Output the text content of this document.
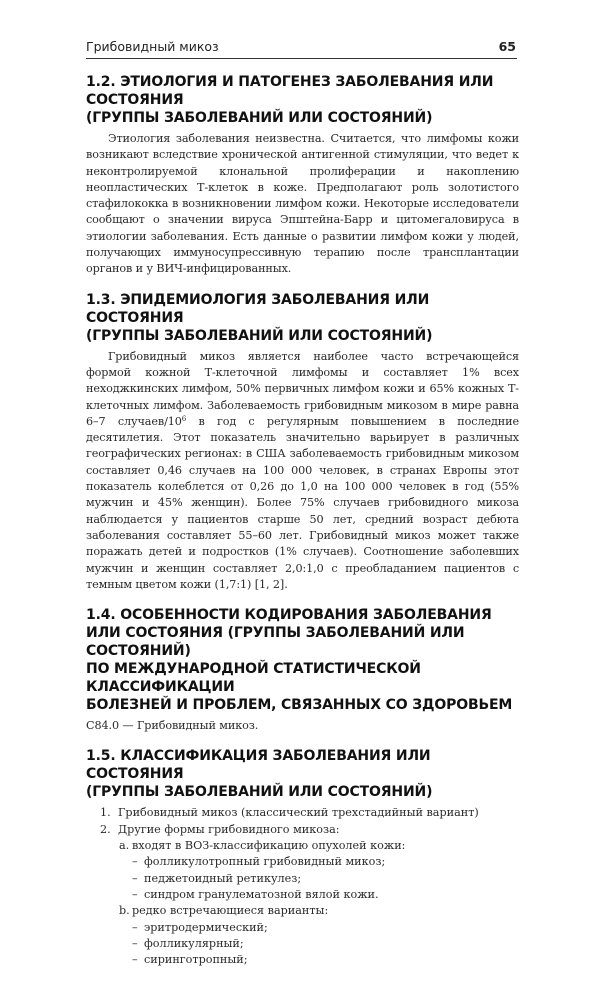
Грибовидный микоз	65
1.2. ЭТИОЛОГИЯ И ПАТОГЕНЕЗ ЗАБОЛЕВАНИЯ ИЛИ СОСТОЯНИЯ
(ГРУППЫ ЗАБОЛЕВАНИЙ ИЛИ СОСТОЯНИЙ)

Этиология заболевания неизвестна. Считается, что лимфомы кожи возникают вследствие хронической антигенной стимуляции, что ведет к неконтролируемой клональной пролиферации и накоплению неопластических Т-клеток в коже. Предполагают роль золотистого стафилококка в возникновении лимфом кожи. Некоторые исследователи сообщают о значении вируса Эпштейна-Барр и цитомегаловируса в этиологии заболевания. Есть данные о развитии лимфом кожи у людей, получающих иммуносупрессивную терапию после трансплантации органов и у ВИЧ-инфицированных.

1.3. ЭПИДЕМИОЛОГИЯ ЗАБОЛЕВАНИЯ ИЛИ СОСТОЯНИЯ
(ГРУППЫ ЗАБОЛЕВАНИЙ ИЛИ СОСТОЯНИЙ)

Грибовидный микоз является наиболее часто встречающейся формой кожной Т-клеточной лимфомы и составляет 1% всех неходжкинских лимфом, 50% первичных лимфом кожи и 65% кожных Т-клеточных лимфом. Заболеваемость грибовидным микозом в мире равна 6–7 случаев/$10^6$ в год с регулярным повышением в последние десятилетия. Этот показатель значительно варьирует в различных географических регионах: в США заболеваемость грибовидным микозом составляет 0,46 случаев на 100 000 человек, в странах Европы этот показатель колеблется от 0,26 до 1,0 на 100 000 человек в год (55% мужчин и 45% женщин). Более 75% случаев грибовидного микоза наблюдается у пациентов старше 50 лет, средний возраст дебюта заболевания составляет 55–60 лет. Грибовидный микоз может также поражать детей и подростков (1% случаев). Соотношение заболевших мужчин и женщин составляет 2,0:1,0 с преобладанием пациентов с темным цветом кожи (1,7:1) [1, 2].

1.4. ОСОБЕННОСТИ КОДИРОВАНИЯ ЗАБОЛЕВАНИЯ
ИЛИ СОСТОЯНИЯ (ГРУППЫ ЗАБОЛЕВАНИЙ ИЛИ СОСТОЯНИЙ)
ПО МЕЖДУНАРОДНОЙ СТАТИСТИЧЕСКОЙ КЛАССИФИКАЦИИ
БОЛЕЗНЕЙ И ПРОБЛЕМ, СВЯЗАННЫХ СО ЗДОРОВЬЕМ

С84.0 — Грибовидный микоз.

1.5. КЛАССИФИКАЦИЯ ЗАБОЛЕВАНИЯ ИЛИ СОСТОЯНИЯ
(ГРУППЫ ЗАБОЛЕВАНИЙ ИЛИ СОСТОЯНИЙ)
1. Грибовидный микоз (классический трехстадийный вариант)
2. Другие формы грибовидного микоза:
a. входят в ВОЗ-классификацию опухолей кожи:
– фолликулотропный грибовидный микоз;
– педжетоидный ретикулез;
– синдром гранулематозной вялой кожи.
b. редко встречающиеся варианты:
– эритродермический;
– фолликулярный;
– сиринготропный;
